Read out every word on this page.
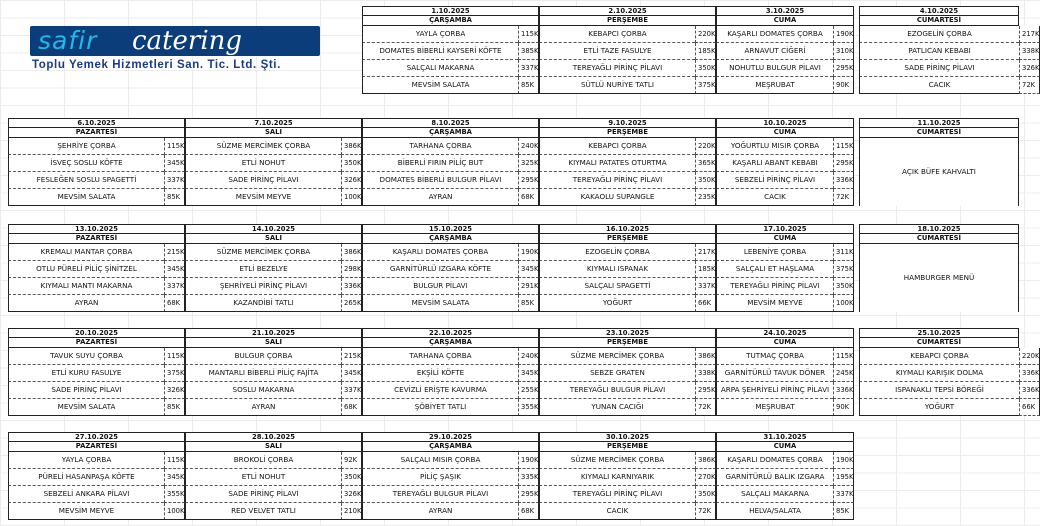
safir catering
Toplu Yemek Hizmetleri San. Tic. Ltd. Şti.
1.10.2025
ÇARŞAMBA
YAYLA ÇORBA	115K
DOMATES BİBERLİ KAYSERİ KÖFTE	385K
SALÇALI MAKARNA	337K
MEVSİM SALATA	85K
2.10.2025
PERŞEMBE
KEBAPCI ÇORBA	220K
ETLİ TAZE FASULYE	185K
TEREYAĞLI PİRİNÇ PİLAVI	350K
SÜTLÜ NURİYE TATLI	375K
3.10.2025
CUMA
KAŞARLI DOMATES ÇORBA	190K
ARNAVUT CİĞERİ	310K
NOHUTLU BULGUR PİLAVI	295K
MEŞRUBAT	90K
4.10.2025
CUMARTESİ
EZOGELİN ÇORBA	217K
PATLICAN KEBABI	338K
SADE PİRİNÇ PİLAVI	326K
CACIK	72K
6.10.2025
PAZARTESİ
ŞEHRİYE ÇORBA	115K
İSVEÇ SOSLU KÖFTE	345K
FESLEĞEN SOSLU SPAGETTİ	337K
MEVSİM SALATA	85K
7.10.2025
SALI
SÜZME MERCİMEK ÇORBA	386K
ETLİ NOHUT	350K
SADE PİRİNÇ PİLAVI	326K
MEVSİM MEYVE	100K
8.10.2025
ÇARŞAMBA
TARHANA ÇORBA	240K
BİBERLİ FIRIN PİLİÇ BUT	325K
DOMATES BİBERLİ BULGUR PİLAVI	295K
AYRAN	68K
9.10.2025
PERŞEMBE
KEBAPCI ÇORBA	220K
KIYMALI PATATES OTURTMA	365K
TEREYAĞLI PİRİNÇ PİLAVI	350K
KAKAOLU SUPANGLE	235K
10.10.2025
CUMA
YOĞURTLU MISIR ÇORBA	115K
KAŞARLI ABANT KEBABI	295K
SEBZELİ PİRİNÇ PİLAVI	336K
CACIK	72K
11.10.2025
CUMARTESİ
AÇIK BÜFE KAHVALTI
13.10.2025
PAZARTESİ
KREMALI MANTAR ÇORBA	215K
OTLU PÜRELİ PİLİÇ ŞİNİTZEL	345K
KIYMALI MANTI MAKARNA	337K
AYRAN	68K
14.10.2025
SALI
SÜZME MERCİMEK ÇORBA	386K
ETLİ BEZELYE	298K
ŞEHRİYELİ PİRİNÇ PİLAVI	336K
KAZANDİBİ TATLI	265K
15.10.2025
ÇARŞAMBA
KAŞARLI DOMATES ÇORBA	190K
GARNİTÜRLÜ IZGARA KÖFTE	345K
BULGUR PİLAVI	291K
MEVSİM SALATA	85K
16.10.2025
PERŞEMBE
EZOGELİN ÇORBA	217K
KIYMALI ISPANAK	185K
SALÇALI SPAGETTİ	337K
YOĞURT	66K
17.10.2025
CUMA
LEBENİYE ÇORBA	311K
SALÇALI ET HAŞLAMA	375K
TEREYAĞLI PİRİNÇ PİLAVI	350K
MEVSİM MEYVE	100K
18.10.2025
CUMARTESİ
HAMBURGER MENÜ
20.10.2025
PAZARTESİ
TAVUK SUYU ÇORBA	115K
ETLİ KURU FASULYE	375K
SADE PİRİNÇ PİLAVI	326K
MEVSİM SALATA	85K
21.10.2025
SALI
BULGUR ÇORBA	215K
MANTARLI BİBERLİ PİLİÇ FAJİTA	345K
SOSLU MAKARNA	337K
AYRAN	68K
22.10.2025
ÇARŞAMBA
TARHANA ÇORBA	240K
EKŞİLİ KÖFTE	345K
CEVİZLİ ERİŞTE KAVURMA	255K
ŞÖBİYET TATLI	355K
23.10.2025
PERŞEMBE
SÜZME MERCİMEK ÇORBA	386K
SEBZE GRATEN	338K
TEREYAĞLI BULGUR PİLAVI	295K
YUNAN CACIĞI	72K
24.10.2025
CUMA
TUTMAÇ ÇORBA	115K
GARNİTÜRLÜ TAVUK DÖNER	245K
ARPA ŞEHRİYELİ PİRİNÇ PİLAVI	336K
MEŞRUBAT	90K
25.10.2025
CUMARTESİ
KEBAPCI ÇORBA	220K
KIYMALI KARIŞIK DOLMA	336K
ISPANAKLI TEPSİ BÖREĞİ	336K
YOĞURT	66K
27.10.2025
PAZARTESİ
YAYLA ÇORBA	115K
PÜRELİ HASANPAŞA KÖFTE	345K
SEBZELİ ANKARA PİLAVI	355K
MEVSİM MEYVE	100K
28.10.2025
SALI
BROKOLİ ÇORBA	92K
ETLİ NOHUT	350K
SADE PİRİNÇ PİLAVI	326K
RED VELVET TATLI	210K
29.10.2025
ÇARŞAMBA
SALÇALI MISIR ÇORBA	190K
PİLİÇ ŞAŞIK	335K
TEREYAĞLI BULGUR PİLAVI	295K
AYRAN	68K
30.10.2025
PERŞEMBE
SÜZME MERCİMEK ÇORBA	386K
KIYMALI KARNIYARIK	270K
TEREYAĞLI PİRİNÇ PİLAVI	350K
CACIK	72K
31.10.2025
CUMA
KAŞARLI DOMATES ÇORBA	190K
GARNİTÜRLÜ BALIK IZGARA	195K
SALÇALI MAKARNA	337K
HELVA/SALATA	85K
